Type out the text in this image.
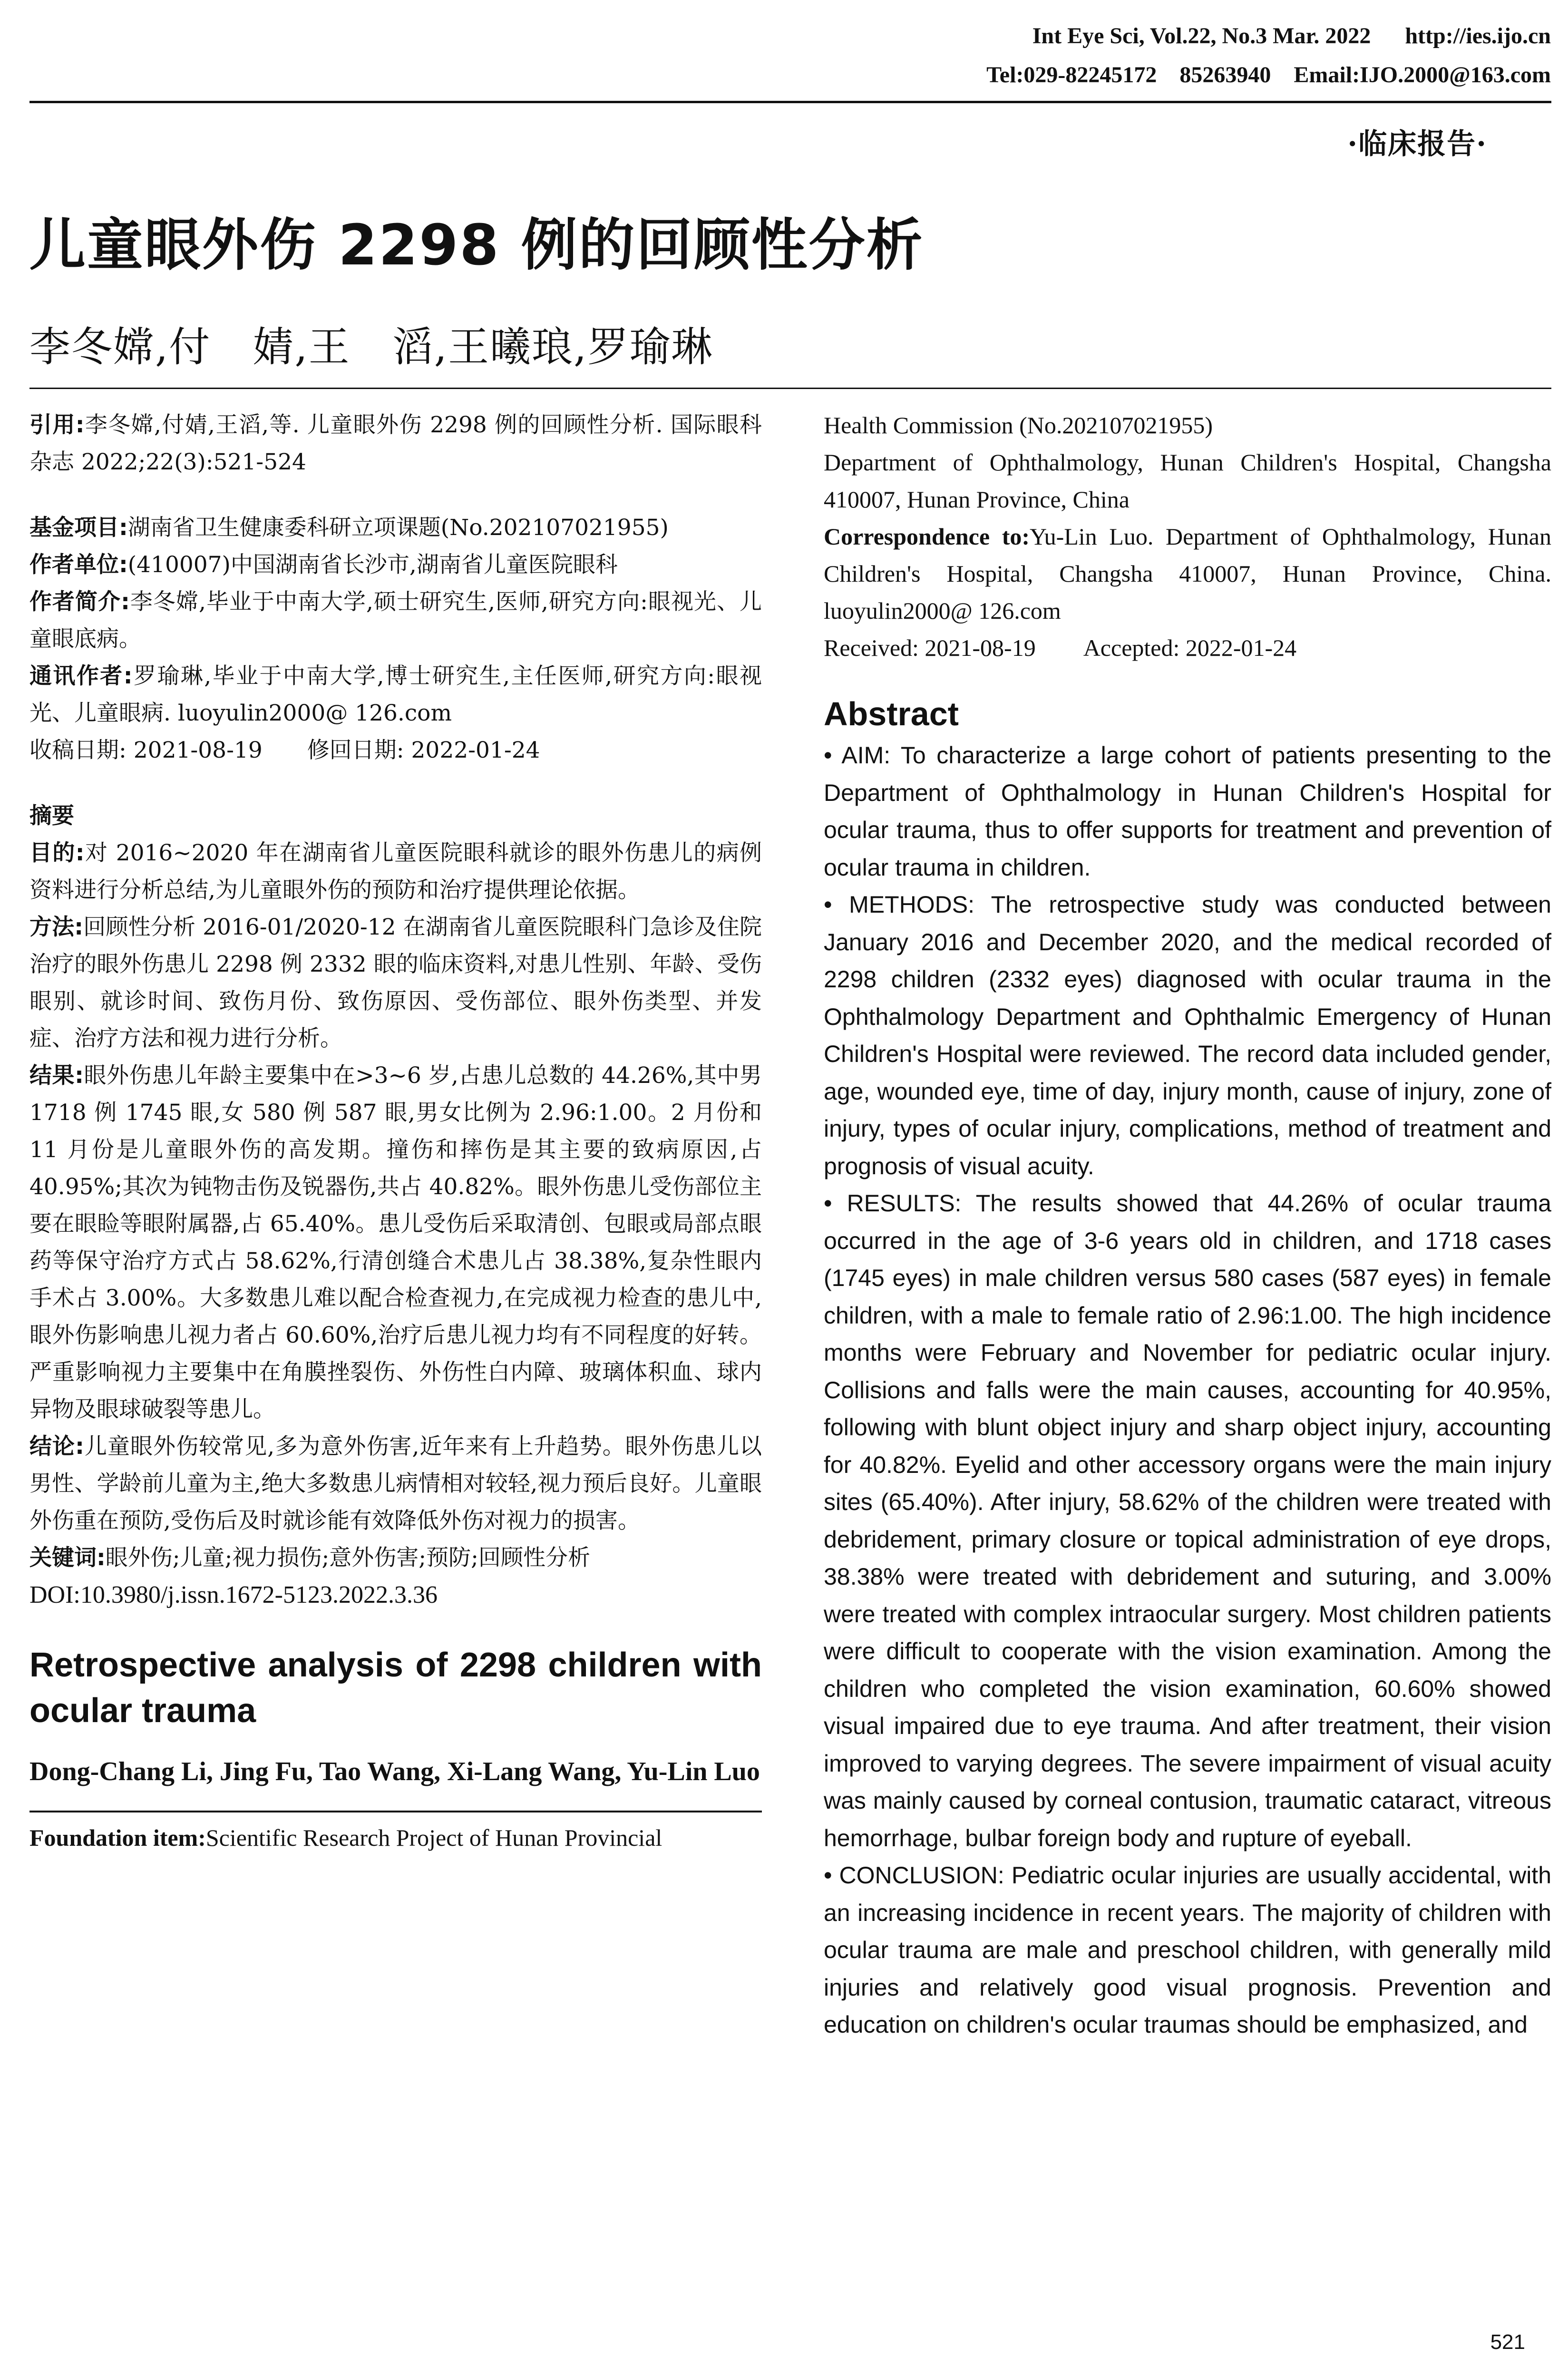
Int Eye Sci, Vol.22, No.3 Mar. 2022      http://ies.ijo.cn
Tel:029-82245172    85263940    Email:IJO.2000@163.com
·临床报告·
儿童眼外伤 2298 例的回顾性分析
李冬嫦,付　婧,王　滔,王曦琅,罗瑜琳

引用:李冬嫦,付婧,王滔,等. 儿童眼外伤 2298 例的回顾性分析. 国际眼科杂志 2022;22(3):521-524

基金项目:湖南省卫生健康委科研立项课题(No.202107021955)

作者单位:(410007)中国湖南省长沙市,湖南省儿童医院眼科

作者简介:李冬嫦,毕业于中南大学,硕士研究生,医师,研究方向:眼视光、儿童眼底病。

通讯作者:罗瑜琳,毕业于中南大学,博士研究生,主任医师,研究方向:眼视光、儿童眼病. luoyulin2000@ 126.com

收稿日期: 2021-08-19　　修回日期: 2022-01-24

摘要

目的:对 2016~2020 年在湖南省儿童医院眼科就诊的眼外伤患儿的病例资料进行分析总结,为儿童眼外伤的预防和治疗提供理论依据。

方法:回顾性分析 2016-01/2020-12 在湖南省儿童医院眼科门急诊及住院治疗的眼外伤患儿 2298 例 2332 眼的临床资料,对患儿性别、年龄、受伤眼别、就诊时间、致伤月份、致伤原因、受伤部位、眼外伤类型、并发症、治疗方法和视力进行分析。

结果:眼外伤患儿年龄主要集中在>3~6 岁,占患儿总数的 44.26%,其中男 1718 例 1745 眼,女 580 例 587 眼,男女比例为 2.96:1.00。2 月份和 11 月份是儿童眼外伤的高发期。撞伤和摔伤是其主要的致病原因,占 40.95%;其次为钝物击伤及锐器伤,共占 40.82%。眼外伤患儿受伤部位主要在眼睑等眼附属器,占 65.40%。患儿受伤后采取清创、包眼或局部点眼药等保守治疗方式占 58.62%,行清创缝合术患儿占 38.38%,复杂性眼内手术占 3.00%。大多数患儿难以配合检查视力,在完成视力检查的患儿中,眼外伤影响患儿视力者占 60.60%,治疗后患儿视力均有不同程度的好转。严重影响视力主要集中在角膜挫裂伤、外伤性白内障、玻璃体积血、球内异物及眼球破裂等患儿。

结论:儿童眼外伤较常见,多为意外伤害,近年来有上升趋势。眼外伤患儿以男性、学龄前儿童为主,绝大多数患儿病情相对较轻,视力预后良好。儿童眼外伤重在预防,受伤后及时就诊能有效降低外伤对视力的损害。

关键词:眼外伤;儿童;视力损伤;意外伤害;预防;回顾性分析

DOI:10.3980/j.issn.1672-5123.2022.3.36

Retrospective analysis of 2298 children with ocular trauma

Dong-Chang Li, Jing Fu, Tao Wang, Xi-Lang Wang, Yu-Lin Luo

Foundation item:Scientific Research Project of Hunan Provincial

Health Commission (No.202107021955)

Department of Ophthalmology, Hunan Children's Hospital, Changsha 410007, Hunan Province, China

Correspondence to:Yu-Lin Luo. Department of Ophthalmology, Hunan Children's Hospital, Changsha 410007, Hunan Province, China. luoyulin2000@ 126.com

Received: 2021-08-19　　Accepted: 2022-01-24

Abstract

• AIM: To characterize a large cohort of patients presenting to the Department of Ophthalmology in Hunan Children's Hospital for ocular trauma, thus to offer supports for treatment and prevention of ocular trauma in children.

• METHODS: The retrospective study was conducted between January 2016 and December 2020, and the medical recorded of 2298 children (2332 eyes) diagnosed with ocular trauma in the Ophthalmology Department and Ophthalmic Emergency of Hunan Children's Hospital were reviewed. The record data included gender, age, wounded eye, time of day, injury month, cause of injury, zone of injury, types of ocular injury, complications, method of treatment and prognosis of visual acuity.

• RESULTS: The results showed that 44.26% of ocular trauma occurred in the age of 3-6 years old in children, and 1718 cases (1745 eyes) in male children versus 580 cases (587 eyes) in female children, with a male to female ratio of 2.96:1.00. The high incidence months were February and November for pediatric ocular injury. Collisions and falls were the main causes, accounting for 40.95%, following with blunt object injury and sharp object injury, accounting for 40.82%. Eyelid and other accessory organs were the main injury sites (65.40%). After injury, 58.62% of the children were treated with debridement, primary closure or topical administration of eye drops, 38.38% were treated with debridement and suturing, and 3.00% were treated with complex intraocular surgery. Most children patients were difficult to cooperate with the vision examination. Among the children who completed the vision examination, 60.60% showed visual impaired due to eye trauma. And after treatment, their vision improved to varying degrees. The severe impairment of visual acuity was mainly caused by corneal contusion, traumatic cataract, vitreous hemorrhage, bulbar foreign body and rupture of eyeball.

• CONCLUSION: Pediatric ocular injuries are usually accidental, with an increasing incidence in recent years. The majority of children with ocular trauma are male and preschool children, with generally mild injuries and relatively good visual prognosis. Prevention and education on children's ocular traumas should be emphasized, and

521
